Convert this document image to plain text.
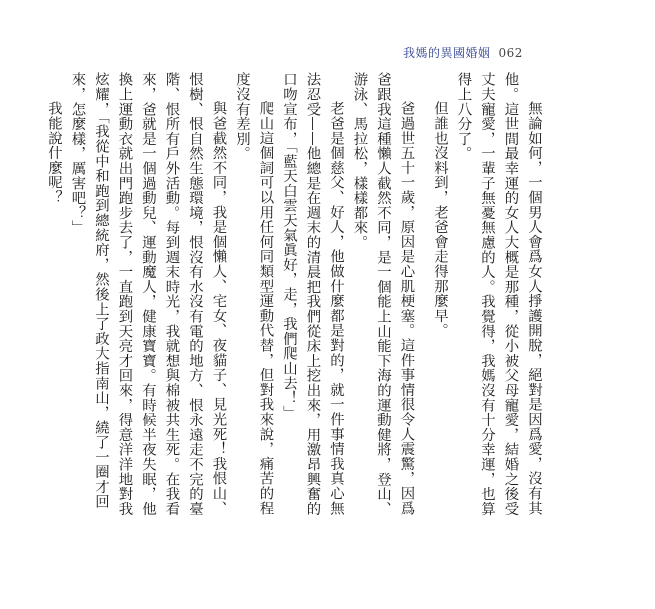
我媽的異國婚姻 062

無論如何，一個男人會爲女人掙護開脫，絕對是因爲愛，沒有其他。這世間最幸運的女人大概是那種，從小被父母寵愛，結婚之後受丈夫寵愛，一輩子無憂無慮的人。我覺得，我媽沒有十分幸運，也算得上八分了。

但誰也沒料到，老爸會走得那麼早。

爸過世五十一歲，原因是心肌梗塞。這件事情很令人震驚，因爲爸跟我這種懶人截然不同，是一個能上山能下海的運動健將，登山、游泳、馬拉松，樣樣都來。

老爸是個慈父、好人，他做什麼都是對的，就一件事情我真心無法忍受——他總是在週末的清晨把我們從床上挖出來，用激昂興奮的口吻宣布，「藍天白雲天氣眞好，走，我們爬山去！」

爬山這個詞可以用任何同類型運動代替，但對我來說，痛苦的程度沒有差別。

與爸截然不同，我是個懶人、宅女、夜貓子、見光死！我恨山、恨樹、恨自然生態環境，恨沒有水沒有電的地方、恨永遠走不完的臺階、恨所有戶外活動。每到週末時光，我就想與棉被共生死。在我看來，爸就是一個過動兒、運動魔人，健康寶寶。有時候半夜失眠，他換上運動衣就出門跑步去了，一直跑到天亮才回來，得意洋洋地對我炫耀，「我從中和跑到總統府，然後上了政大指南山，繞了一圈才回來，怎麼樣，厲害吧？」

我能說什麼呢？
